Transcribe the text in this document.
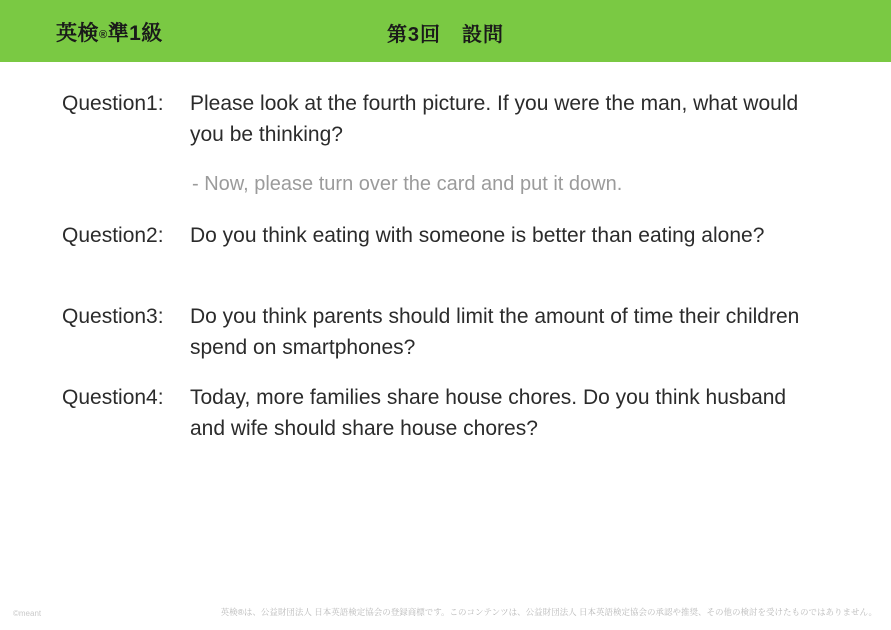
英検®準1級	第3回　設問
Question1:	Please look at the fourth picture. If you were the man, what would you be thinking?
- Now, please turn over the card and put it down.
Question2:	Do you think eating with someone is better than eating alone?
Question3:	Do you think parents should limit the amount of time their children spend on smartphones?
Question4:	Today, more families share house chores. Do you think husband and wife should share house chores?
©meant	英検®は、公益財団法人 日本英語検定協会の登録商標です。このコンテンツは、公益財団法人 日本英語検定協会の承認や推奨、その他の検討を受けたものではありません。
